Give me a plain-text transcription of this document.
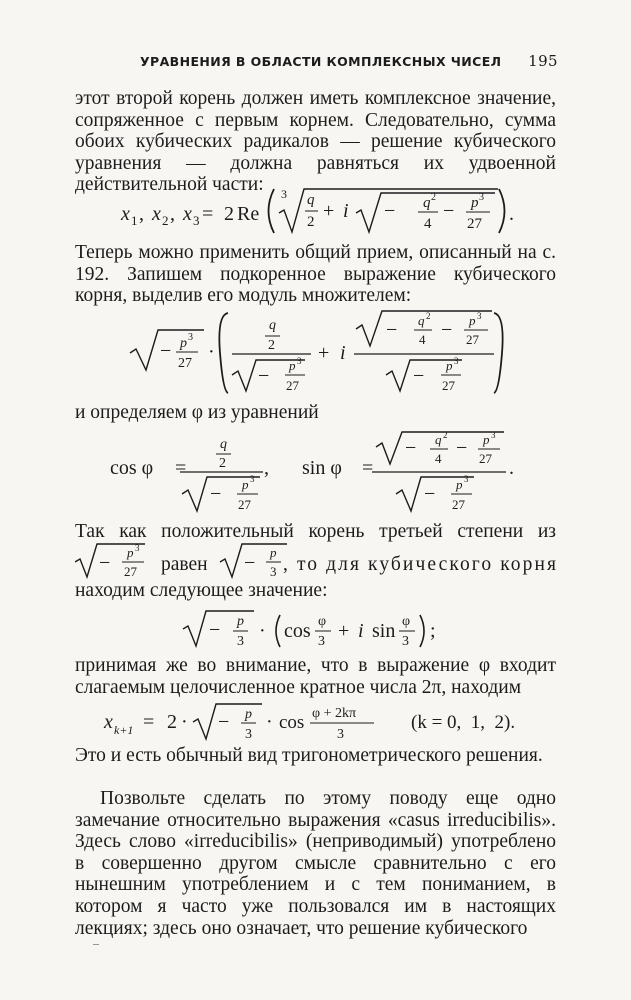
УРАВНЕНИЯ В ОБЛАСТИ КОМПЛЕКСНЫХ ЧИСЕЛ 195

этот второй корень должен иметь комплексное значение, сопряженное с первым корнем. Следовательно, сумма обоих кубических радикалов — решение кубического уравнения — должна равняться их удвоенной действительной части:

x x x
1 2 3
, , = 2 Re
3 q
2 + i − q 2
4
− p 3
27 .

Теперь можно применить общий прием, описанный на с. 192. Запишем подкоренное выражение кубического корня, выделив его модуль множителем:

− p 3
27
·
q
2
− p 3
27
+ i
− q 2
4 − p 3
27
− p 3
27

и определяем φ из уравнений

cos φ =
q
2
− p 3
27
, sin φ =
− q 2
4 − p 3
27
− p 3
27
.

Так как положительный корень третьей степени из

− p 3
27 равен − p
3 , то для кубического корня

находим следующее значение:

− p
3 · cos φ
3 + i sin φ
3 ;

принимая же во внимание, что в выражение φ входит слагаемым целочисленное кратное числа 2π, находим

x k+1 = 2 · − p
3
· cos φ + 2kπ
3
(k = 0,  1,  2).

Это и есть обычный вид тригонометрического решения.

Позвольте сделать по этому поводу еще одно замечание относительно выражения «casus irreducibilis». Здесь слово «irreducibilis» (неприводимый) употреблено в совершенно другом смысле сравнительно с его нынешним употреблением и с тем пониманием, в котором я часто уже пользовался им в настоящих лекциях; здесь оно означает, что решение кубического

–
